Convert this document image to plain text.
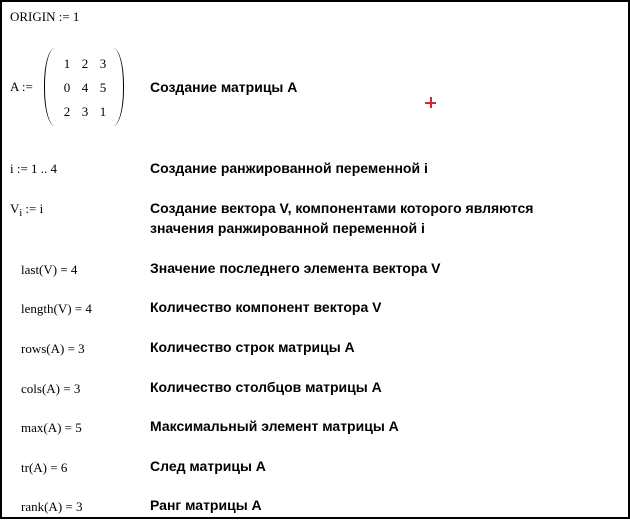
ORIGIN := 1
A :=
1 2 3
0 4 5
2 3 1
Создание матрицы A
i := 1 .. 4	Создание ранжированной переменной i
$V_i$ := i	Создание вектора V, компонентами которого являются
значения ранжированной переменной i
last(V) = 4	Значение последнего элемента вектора V
length(V) = 4	Количество компонент вектора V
rows(A) = 3	Количество строк матрицы A
cols(A) = 3	Количество столбцов матрицы A
max(A) = 5	Максимальный элемент матрицы A
tr(A) = 6	След матрицы A
rank(A) = 3	Ранг матрицы A
